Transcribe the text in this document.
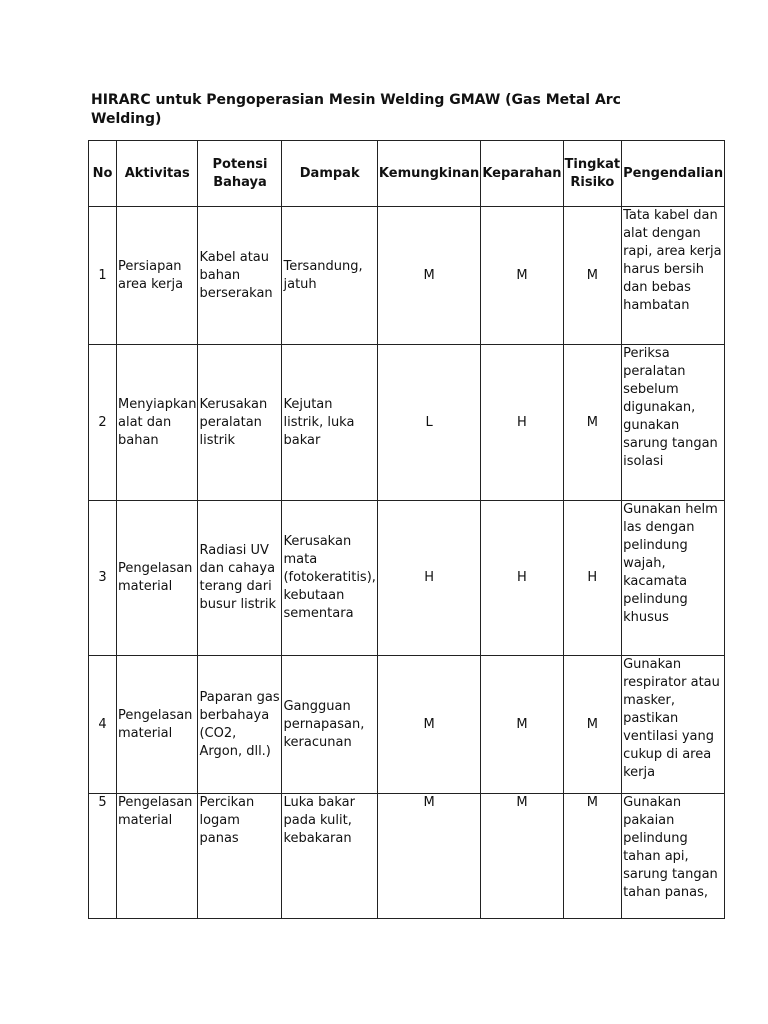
HIRARC untuk Pengoperasian Mesin Welding GMAW (Gas Metal Arc Welding)
No	Aktivitas	Potensi Bahaya	Dampak	Kemungkinan	Keparahan	Tingkat Risiko	Pengendalian
1	Persiapan area kerja	Kabel atau bahan berserakan	Tersandung, jatuh	M	M	M	Tata kabel dan alat dengan rapi, area kerja harus bersih dan bebas hambatan
2	Menyiapkan alat dan bahan	Kerusakan peralatan listrik	Kejutan listrik, luka bakar	L	H	M	Periksa peralatan sebelum digunakan, gunakan sarung tangan isolasi
3	Pengelasan material	Radiasi UV dan cahaya terang dari busur listrik	Kerusakan mata (fotokeratitis), kebutaan sementara	H	H	H	Gunakan helm las dengan pelindung wajah, kacamata pelindung khusus
4	Pengelasan material	Paparan gas berbahaya (CO2, Argon, dll.)	Gangguan pernapasan, keracunan	M	M	M	Gunakan respirator atau masker, pastikan ventilasi yang cukup di area kerja
5	Pengelasan material	Percikan logam panas	Luka bakar pada kulit, kebakaran	M	M	M	Gunakan pakaian pelindung tahan api, sarung tangan tahan panas,
